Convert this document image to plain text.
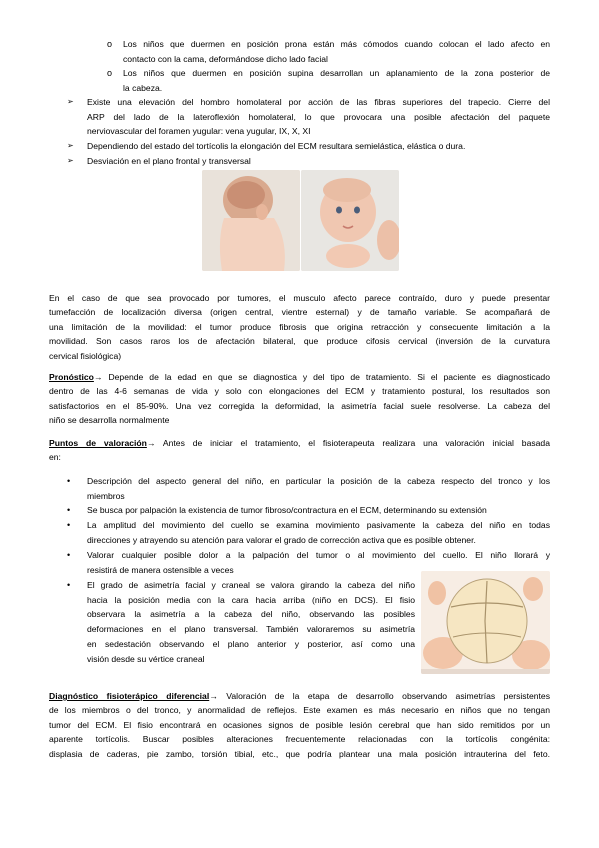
o Los niños que duermen en posición prona están más cómodos cuando colocan el lado afecto en
contacto con la cama, deformándose dicho lado facial
o Los niños que duermen en posición supina desarrollan un aplanamiento de la zona posterior de
la cabeza.
➢ Existe una elevación del hombro homolateral por acción de las fibras superiores del trapecio. Cierre del
ARP del lado de la lateroflexión homolateral, lo que provocara una posible afectación del paquete
nerviovascular del foramen yugular: vena yugular, IX, X, XI
➢ Dependiendo del estado del tortícolis la elongación del ECM resultara semielástica, elástica o dura.
➢ Desviación en el plano frontal y transversal
En el caso de que sea provocado por tumores, el musculo afecto parece contraído, duro y puede presentar
tumefacción de localización diversa (origen central, vientre esternal) y de tamaño variable. Se acompañará de
una limitación de la movilidad: el tumor produce fibrosis que origina retracción y consecuente limitación a la
movilidad. Son casos raros los de afectación bilateral, que produce cifosis cervical (inversión de la curvatura
cervical fisiológica)
Pronóstico→ Depende de la edad en que se diagnostica y del tipo de tratamiento. Si el paciente es diagnosticado
dentro de las 4-6 semanas de vida y solo con elongaciones del ECM y tratamiento postural, los resultados son
satisfactorios en el 85-90%. Una vez corregida la deformidad, la asimetría facial suele resolverse. La cabeza del
niño se desarrolla normalmente
Puntos de valoración→ Antes de iniciar el tratamiento, el fisioterapeuta realizara una valoración inicial basada
en:
• Descripción del aspecto general del niño, en particular la posición de la cabeza respecto del tronco y los
miembros
• Se busca por palpación la existencia de tumor fibroso/contractura en el ECM, determinando su extensión
• La amplitud del movimiento del cuello se examina movimiento pasivamente la cabeza del niño en todas
direcciones y atrayendo su atención para valorar el grado de corrección activa que es posible obtener.
• Valorar cualquier posible dolor a la palpación del tumor o al movimiento del cuello. El niño llorará y
resistirá de manera ostensible a veces
• El grado de asimetría facial y craneal se valora girando la cabeza del niño
hacia la posición media con la cara hacia arriba (niño en DCS). El fisio
observara la asimetría a la cabeza del niño, observando las posibles
deformaciones en el plano transversal. También valoraremos su asimetría
en sedestación observando el plano anterior y posterior, así como una
visión desde su vértice craneal
Diagnóstico fisioterápico diferencial→ Valoración de la etapa de desarrollo observando asimetrías persistentes
de los miembros o del tronco, y anormalidad de reflejos. Este examen es más necesario en niños que no tengan
tumor del ECM. El fisio encontrará en ocasiones signos de posible lesión cerebral que han sido remitidos por un
aparente tortícolis. Buscar posibles alteraciones frecuentemente relacionadas con la tortícolis congénita:
displasia de caderas, pie zambo, torsión tibial, etc., que podría plantear una mala posición intrauterina del feto.
